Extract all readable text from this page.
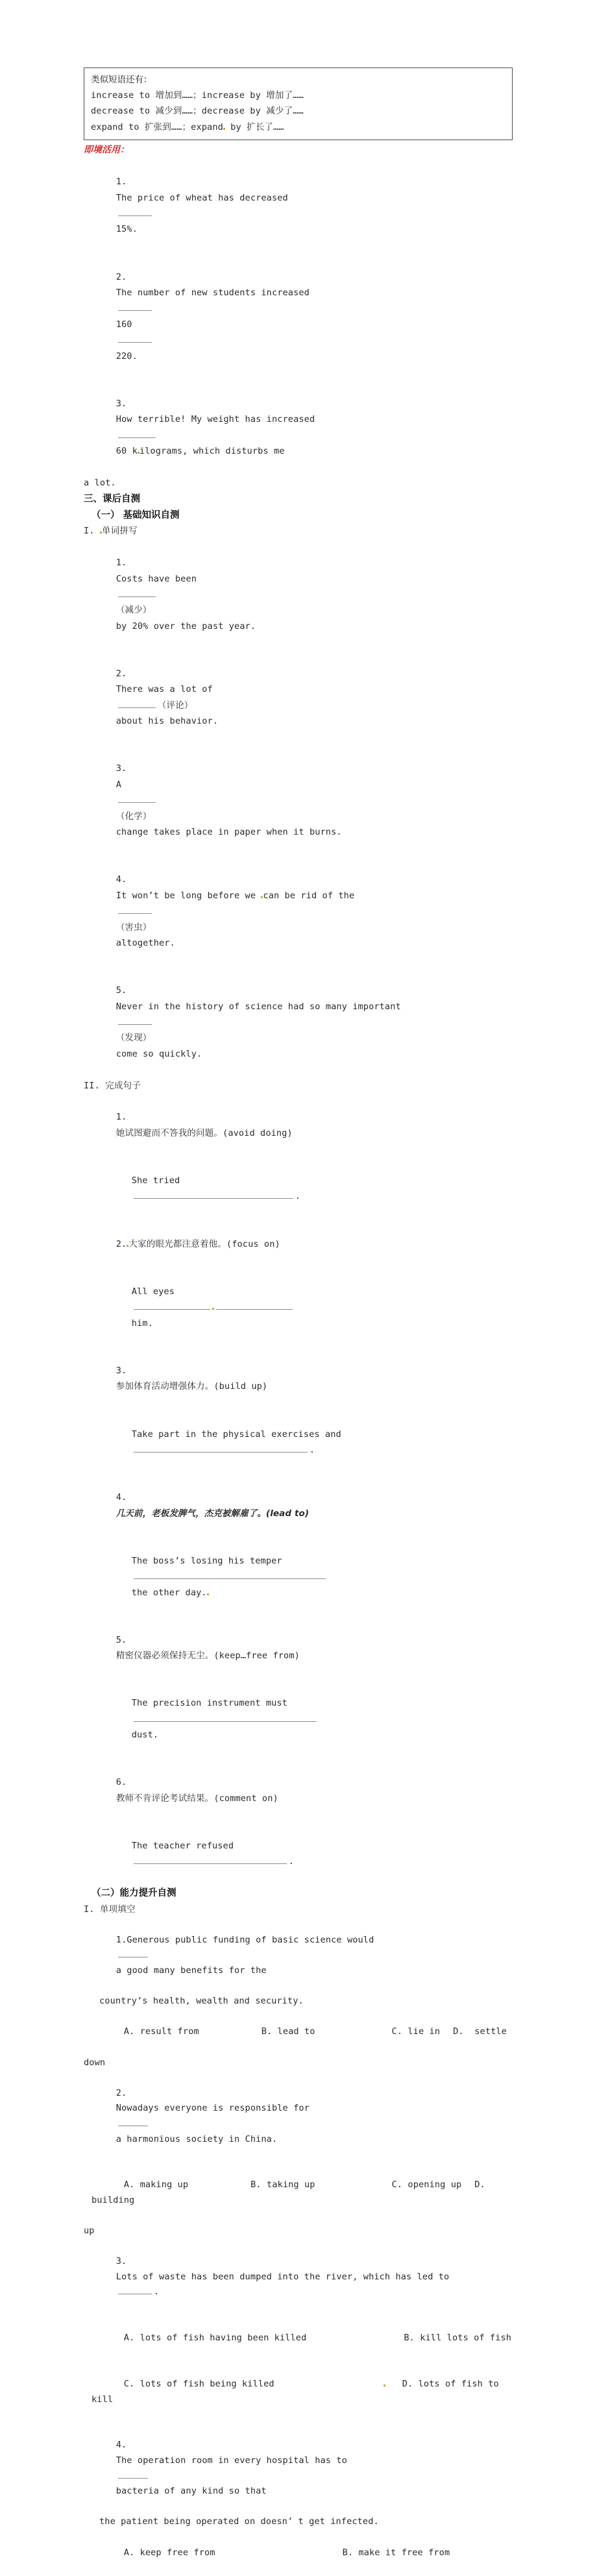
类似短语还有：
increase to 增加到……；increase by 增加了……
decrease to 减少到……；decrease by 减少了……
expand to 扩张到……；expand by 扩长了……
即境活用：

1.
The price of wheat has decreased

15%.

2.
The number of new students increased

160

220.

3.
How terrible! My weight has increased

60 k ilograms, which disturbs me

a lot.
三、课后自测
（一） 基础知识自测
I. 单词拼写

1.
Costs have been

（减少）
by 20% over the past year.

2.
There was a lot of
（评论）
about his behavior.

3.
A

（化学）
change takes place in paper when it burns.

4.
It won’t be long before we can be rid of the

（害虫）
altogether.

5.
Never in the history of science had so many important

（发现）
come so quickly.

II. 完成句子

1.
她试图避而不答我的问题。(avoid doing)

She tried
.

2. 大家的眼光都注意着他。(focus on)

All eyes

him.

3.
参加体育活动增强体力。(build up)

Take part in the physical exercises and
.

4.
几天前，老板发脾气，杰克被解雇了。(lead to)

The boss’s losing his temper

the other day.

5.
精密仪器必须保持无尘。(keep…free from)

The precision instrument must

dust.

6.
教师不肯评论考试结果。(comment on)

The teacher refused
.

（二）能力提升自测
I. 单项填空

1.Generous public funding of basic science would

a good many benefits for the

country’s health, wealth and security.

A. result from	B. lead to	C. lie in D.  settle

down

2.
Nowadays everyone is responsible for

a harmonious society in China.

A. making up	B. taking up	C. opening up D. building

up

3.
Lots of waste has been dumped into the river, which has led to
.

A. lots of fish having been killed	B. kill lots of fish

C. lots of fish being killed	D. lots of fish to kill

4.
The operation room in every hospital has to

bacteria of any kind so that

the patient being operated on doesn’ t get infected.

A. keep free from	B. make it free from
